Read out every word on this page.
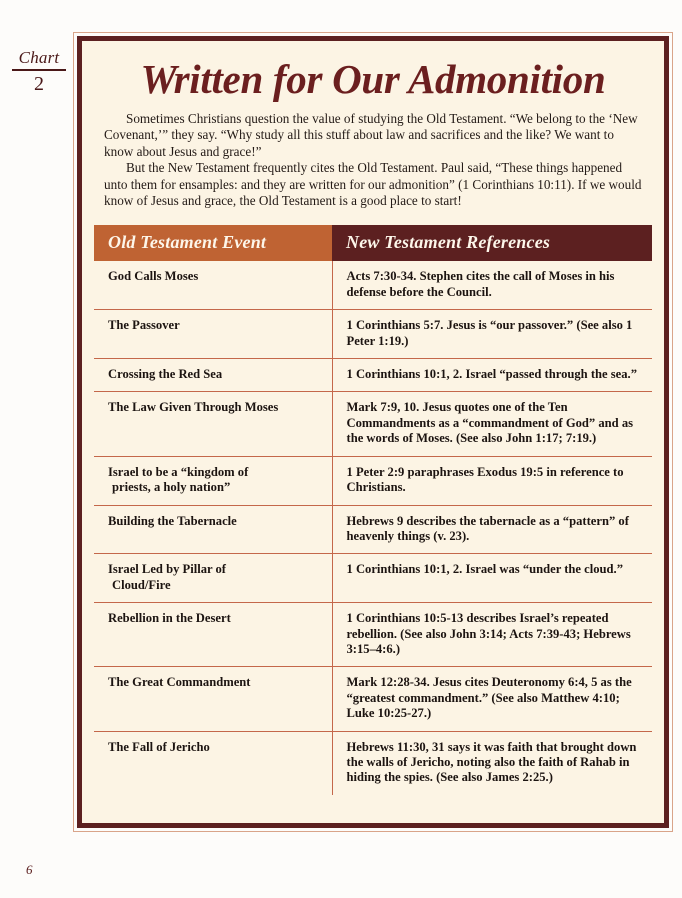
Chart
2	Written for Our Admonition

Sometimes Christians question the value of studying the Old Testament. “We belong to the ‘New Covenant,’” they say. “Why study all this stuff about law and sacrifices and the like? We want to know about Jesus and grace!”

But the New Testament frequently cites the Old Testament. Paul said, “These things happened unto them for ensamples: and they are written for our admonition” (1 Corinthians 10:11). If we would know of Jesus and grace, the Old Testament is a good place to start!

Old Testament Event	New Testament References
God Calls Moses	Acts 7:30-34. Stephen cites the call of Moses in his defense before the Council.
The Passover	1 Corinthians 5:7. Jesus is “our passover.” (See also 1 Peter 1:19.)
Crossing the Red Sea	1 Corinthians 10:1, 2. Israel “passed through the sea.”
The Law Given Through Moses	Mark 7:9, 10. Jesus quotes one of the Ten Commandments as a “commandment of God” and as the words of Moses. (See also John 1:17; 7:19.)
Israel to be a “kingdom of
priests, a holy nation”	1 Peter 2:9 paraphrases Exodus 19:5 in reference to Christians.
Building the Tabernacle	Hebrews 9 describes the tabernacle as a “pattern” of heavenly things (v. 23).
Israel Led by Pillar of
Cloud/Fire	1 Corinthians 10:1, 2. Israel was “under the cloud.”
Rebellion in the Desert	1 Corinthians 10:5-13 describes Israel’s repeated rebellion. (See also John 3:14; Acts 7:39-43; Hebrews 3:15–4:6.)
The Great Commandment	Mark 12:28-34. Jesus cites Deuteronomy 6:4, 5 as the “greatest commandment.” (See also Matthew 4:10; Luke 10:25-27.)
The Fall of Jericho	Hebrews 11:30, 31 says it was faith that brought down the walls of Jericho, noting also the faith of Rahab in hiding the spies. (See also James 2:25.)
6
